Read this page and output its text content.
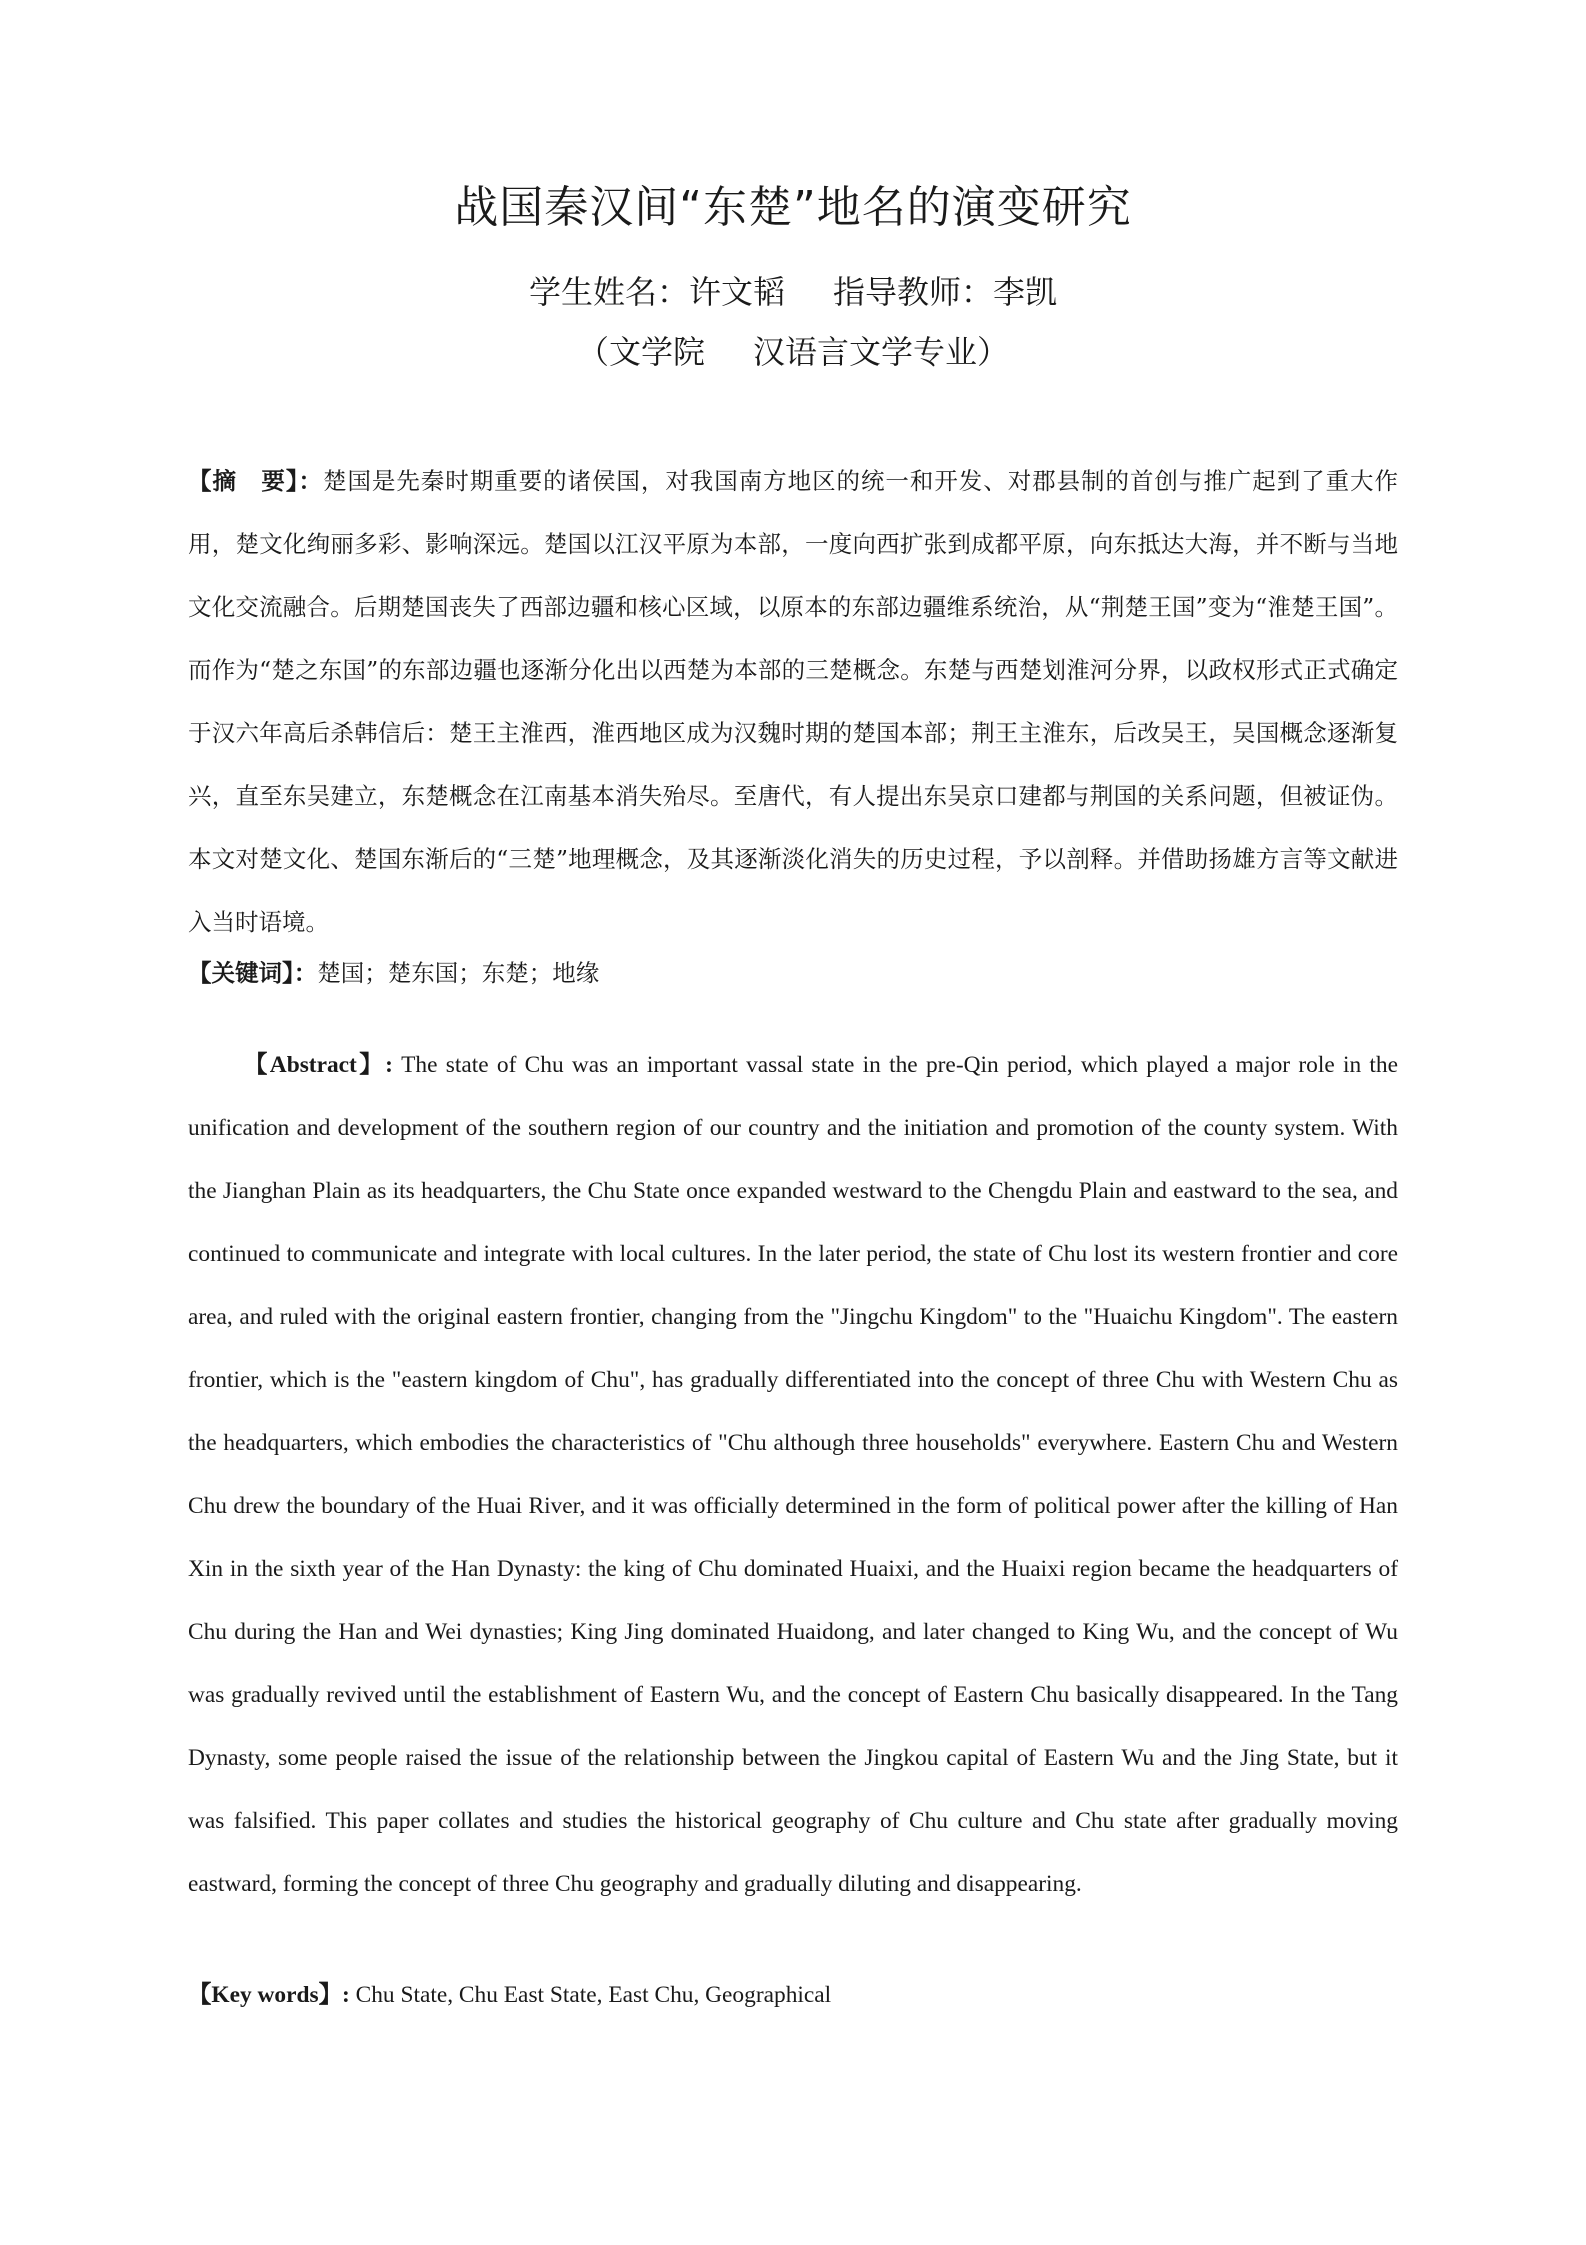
战国秦汉间“东楚”地名的演变研究
学生姓名：许文韬 指导教师：李凯
（文学院 汉语言文学专业）

【摘　要】：楚国是先秦时期重要的诸侯国，对我国南方地区的统一和开发、对郡县制的首创与推广起到了重大作用，楚文化绚丽多彩、影响深远。楚国以江汉平原为本部，一度向西扩张到成都平原，向东抵达大海，并不断与当地文化交流融合。后期楚国丧失了西部边疆和核心区域，以原本的东部边疆维系统治，从“荆楚王国”变为“淮楚王国”。而作为“楚之东国”的东部边疆也逐渐分化出以西楚为本部的三楚概念。东楚与西楚划淮河分界，以政权形式正式确定于汉六年高后杀韩信后：楚王主淮西，淮西地区成为汉魏时期的楚国本部；荆王主淮东，后改吴王，吴国概念逐渐复兴，直至东吴建立，东楚概念在江南基本消失殆尽。至唐代，有人提出东吴京口建都与荆国的关系问题，但被证伪。本文对楚文化、楚国东渐后的“三楚”地理概念，及其逐渐淡化消失的历史过程，予以剖释。并借助扬雄方言等文献进入当时语境。

【关键词】：楚国；楚东国；东楚；地缘

【Abstract】: The state of Chu was an important vassal state in the pre-Qin period, which played a major role in the unification and development of the southern region of our country and the initiation and promotion of the county system. With the Jianghan Plain as its headquarters, the Chu State once expanded westward to the Chengdu Plain and eastward to the sea, and continued to communicate and integrate with local cultures. In the later period, the state of Chu lost its western frontier and core area, and ruled with the original eastern frontier, changing from the "Jingchu Kingdom" to the "Huaichu Kingdom". The eastern frontier, which is the "eastern kingdom of Chu", has gradually differentiated into the concept of three Chu with Western Chu as the headquarters, which embodies the characteristics of "Chu although three households" everywhere. Eastern Chu and Western Chu drew the boundary of the Huai River, and it was officially determined in the form of political power after the killing of Han Xin in the sixth year of the Han Dynasty: the king of Chu dominated Huaixi, and the Huaixi region became the headquarters of Chu during the Han and Wei dynasties; King Jing dominated Huaidong, and later changed to King Wu, and the concept of Wu was gradually revived until the establishment of Eastern Wu, and the concept of Eastern Chu basically disappeared. In the Tang Dynasty, some people raised the issue of the relationship between the Jingkou capital of Eastern Wu and the Jing State, but it was falsified. This paper collates and studies the historical geography of Chu culture and Chu state after gradually moving eastward, forming the concept of three Chu geography and gradually diluting and disappearing.

【Key words】: Chu State, Chu East State, East Chu, Geographical
